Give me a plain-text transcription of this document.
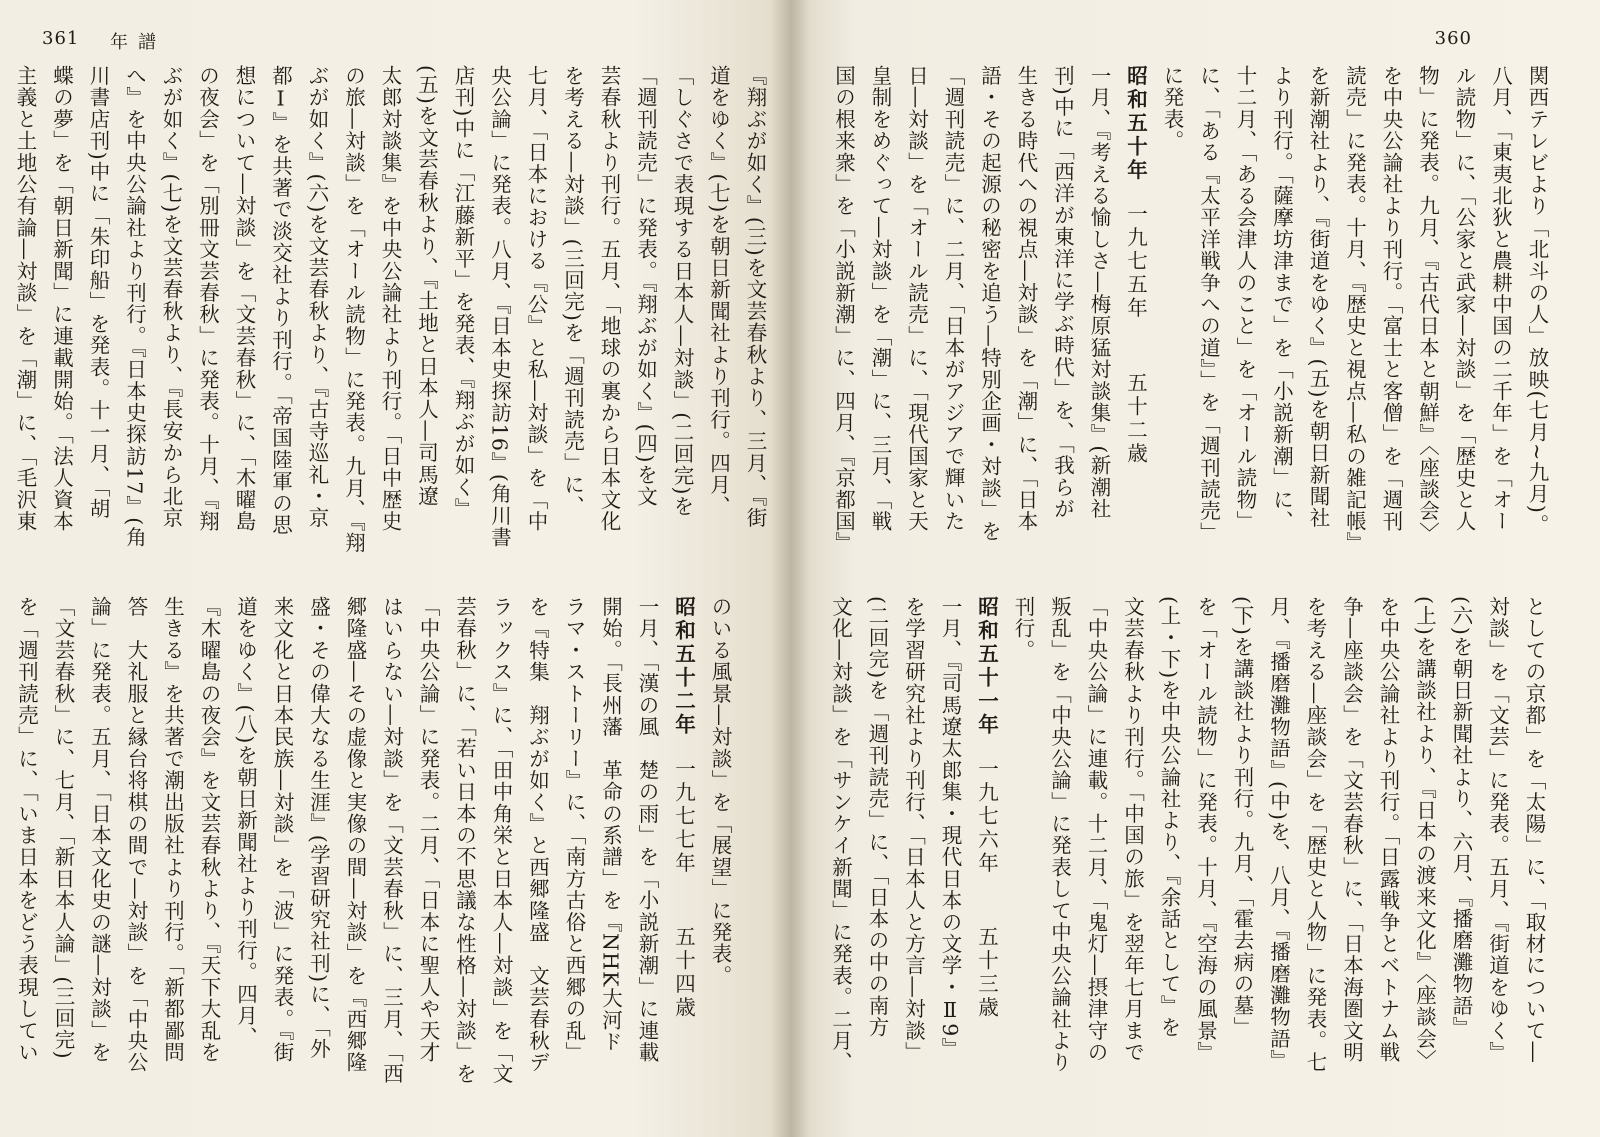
361 年譜

『翔ぶが如く』(三)を文芸春秋より、三月、『街

道をゆく』(七)を朝日新聞社より刊行。四月、

「しぐさで表現する日本人―対談」(二回完)を

「週刊読売」に発表。『翔ぶが如く』(四)を文

芸春秋より刊行。五月、「地球の裏から日本文化

を考える―対談」(三回完)を「週刊読売」に、

七月、「日本における『公』と私―対談」を「中

央公論」に発表。八月、『日本史探訪16』(角川書

店刊)中に「江藤新平」を発表、『翔ぶが如く』

(五)を文芸春秋より、『土地と日本人―司馬遼

太郎対談集』を中央公論社より刊行。「日中歴史

の旅―対談」を「オール読物」に発表。九月、『翔

ぶが如く』(六)を文芸春秋より、『古寺巡礼・京

都Ⅰ』を共著で淡交社より刊行。「帝国陸軍の思

想について―対談」を「文芸春秋」に、「木曜島

の夜会」を「別冊文芸春秋」に発表。十月、『翔

ぶが如く』(七)を文芸春秋より、『長安から北京

へ』を中央公論社より刊行。『日本史探訪17』(角

川書店刊)中に「朱印船」を発表。十一月、「胡

蝶の夢」を「朝日新聞」に連載開始。「法人資本

主義と土地公有論―対談」を「潮」に、「毛沢東

のいる風景―対談」を「展望」に発表。

昭和五十二年一九七七年五十四歳

一月、「漢の風　楚の雨」を「小説新潮」に連載

開始。「長州藩　革命の系譜」を『NHK大河ド

ラマ・ストーリー』に、「南方古俗と西郷の乱」

を『特集　翔ぶが如く』と西郷隆盛　文芸春秋デ

ラックス』に、「田中角栄と日本人―対談」を「文

芸春秋」に、「若い日本の不思議な性格―対談」を

「中央公論」に発表。二月、「日本に聖人や天才

はいらない―対談」を「文芸春秋」に、三月、「西

郷隆盛―その虚像と実像の間―対談」を『西郷隆

盛・その偉大なる生涯』(学習研究社刊)に、「外

来文化と日本民族―対談」を「波」に発表。『街

道をゆく』(八)を朝日新聞社より刊行。四月、

『木曜島の夜会』を文芸春秋より、『天下大乱を

生きる』を共著で潮出版社より刊行。「新都鄙問

答　大礼服と縁台将棋の間で―対談」を「中央公

論」に発表。五月、「日本文化史の謎―対談」を

「文芸春秋」に、七月、「新日本人論」(三回完)

を「週刊読売」に、「いま日本をどう表現してい

360

関西テレビより「北斗の人」放映(七月~九月)。

八月、「東夷北狄と農耕中国の二千年」を「オー

ル読物」に、「公家と武家―対談」を「歴史と人

物」に発表。九月、『古代日本と朝鮮』〈座談会〉

を中央公論社より刊行。「富士と客僧」を「週刊

読売」に発表。十月、『歴史と視点―私の雑記帳』

を新潮社より、『街道をゆく』(五)を朝日新聞社

より刊行。「薩摩坊津まで」を「小説新潮」に、

十二月、「ある会津人のこと」を「オール読物」

に、「ある『太平洋戦争への道』」を「週刊読売」

に発表。

昭和五十年一九七五年五十二歳

一月、『考える愉しさ―梅原猛対談集』(新潮社

刊)中に「西洋が東洋に学ぶ時代」を、「我らが

生きる時代への視点―対談」を「潮」に、「日本

語・その起源の秘密を追う―特別企画・対談」を

「週刊読売」に、二月、「日本がアジアで輝いた

日―対談」を「オール読売」に、「現代国家と天

皇制をめぐって―対談」を「潮」に、三月、「戦

国の根来衆」を「小説新潮」に、四月、『京都国』

としての京都」を「太陽」に、「取材について―

対談」を「文芸」に発表。五月、『街道をゆく』

(六)を朝日新聞社より、六月、『播磨灘物語』

(上)を講談社より、『日本の渡来文化』〈座談会〉

を中央公論社より刊行。「日露戦争とベトナム戦

争―座談会」を「文芸春秋」に、「日本海圏文明

を考える―座談会」を「歴史と人物」に発表。七

月、『播磨灘物語』(中)を、八月、『播磨灘物語』

(下)を講談社より刊行。九月、「霍去病の墓」

を「オール読物」に発表。十月、『空海の風景』

(上・下)を中央公論社より、『余話として』を

文芸春秋より刊行。「中国の旅」を翌年七月まで

「中央公論」に連載。十二月、「鬼灯―摂津守の

叛乱」を「中央公論」に発表して中央公論社より

刊行。

昭和五十一年一九七六年五十三歳

一月、『司馬遼太郎集・現代日本の文学・Ⅱ9』

を学習研究社より刊行、「日本人と方言―対談」

(二回完)を「週刊読売」に、「日本の中の南方

文化―対談」を「サンケイ新聞」に発表。二月、
